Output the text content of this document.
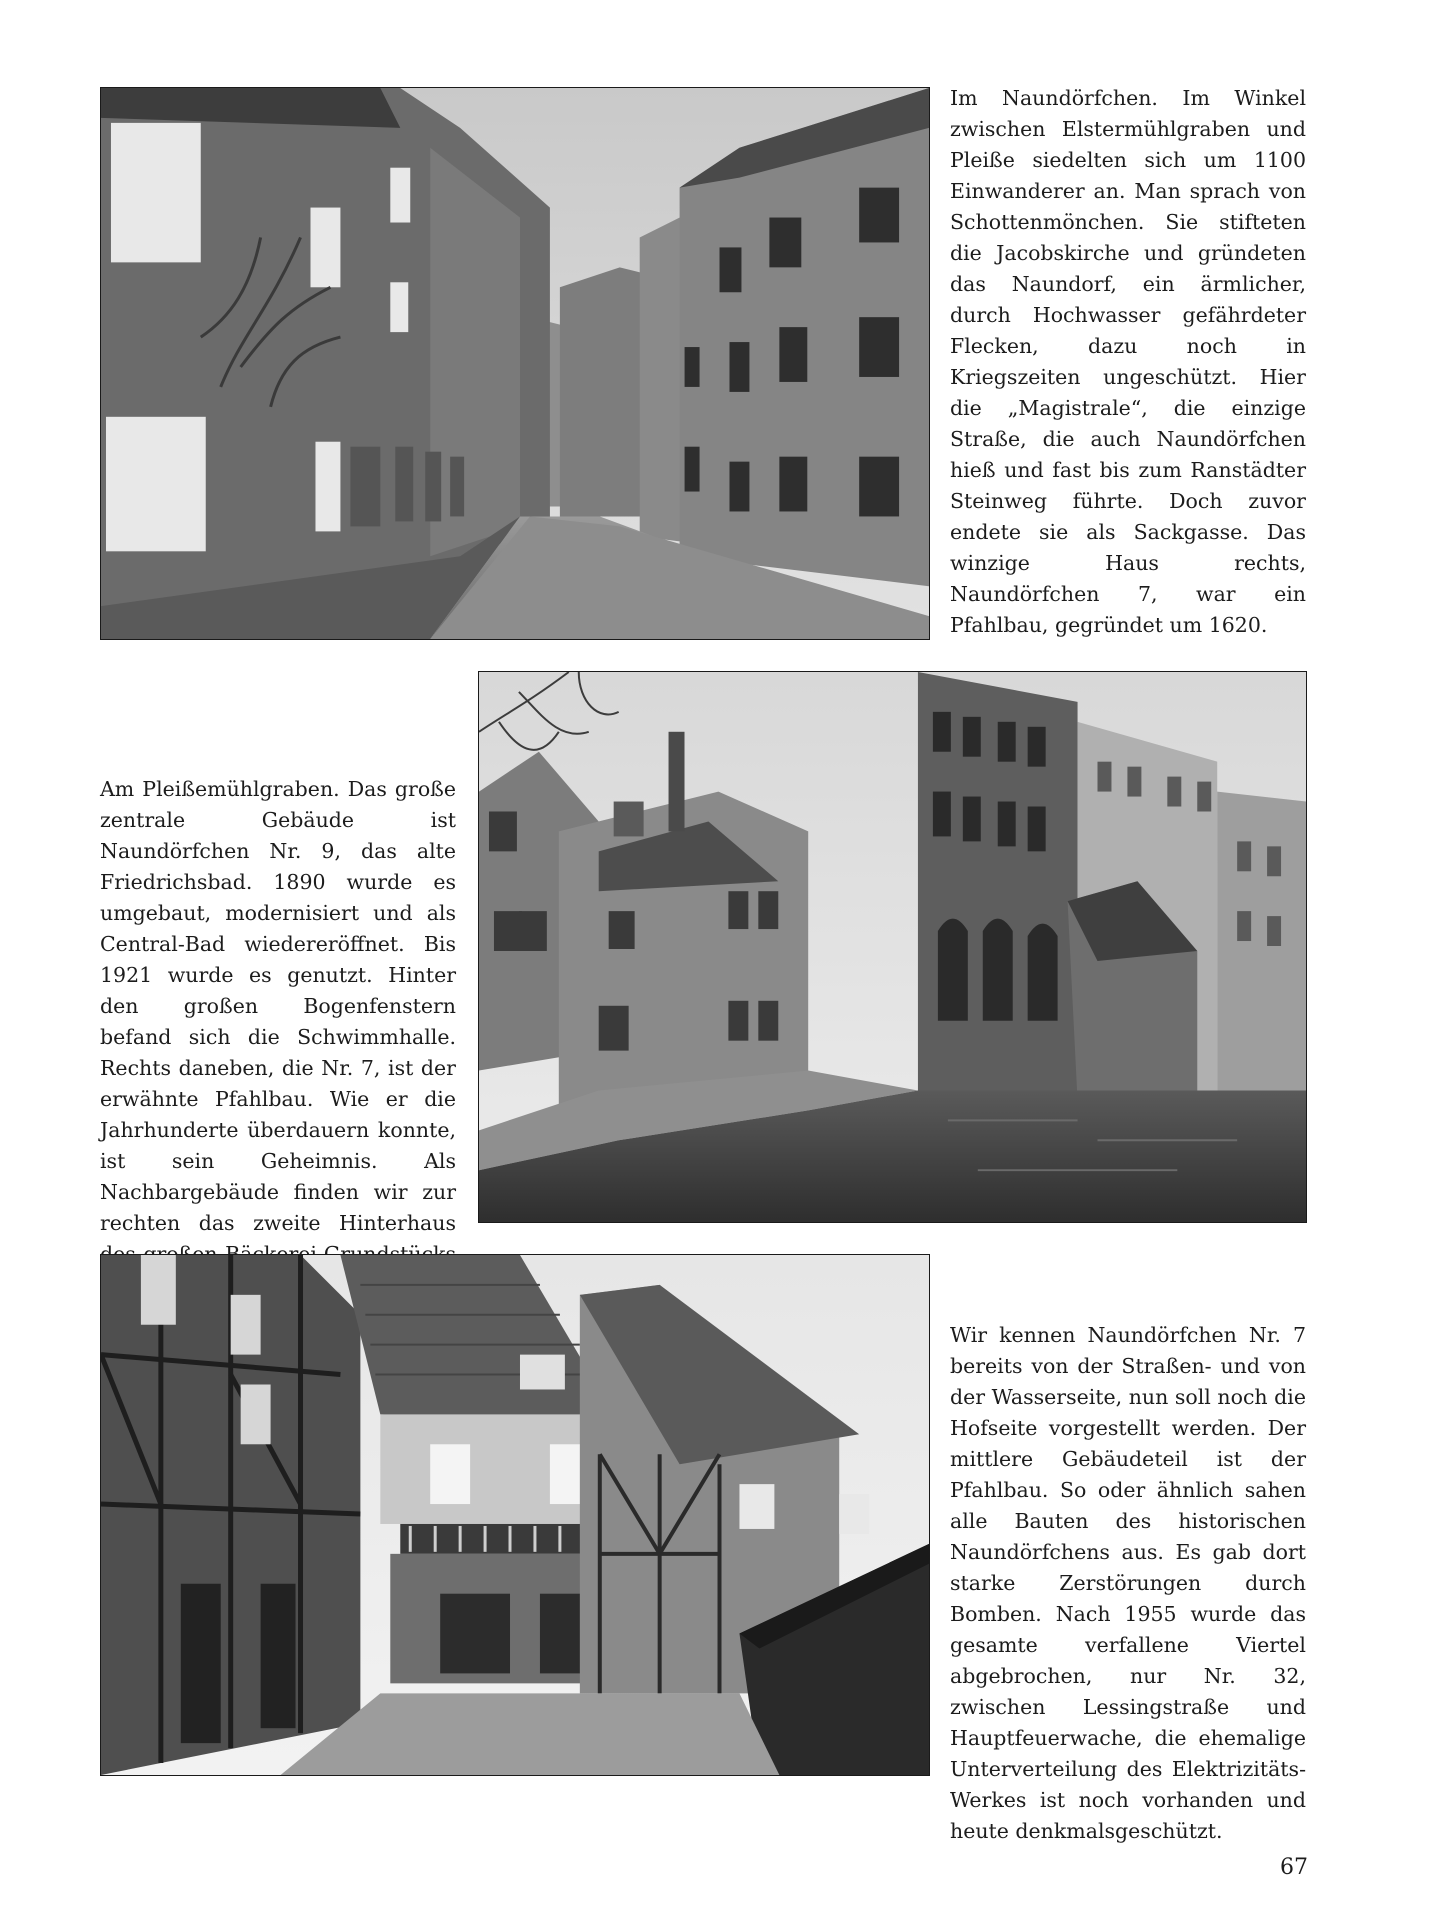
Im Naundörfchen. Im Winkel zwischen Elstermühlgraben und Pleiße siedelten sich um 1100 Einwanderer an. Man sprach von Schottenmönchen. Sie stifteten die Jacobskirche und gründeten das Naundorf, ein ärmlicher, durch Hochwasser gefährdeter Flecken, dazu noch in Kriegszeiten ungeschützt. Hier die „Magistrale“, die einzige Straße, die auch Naundörfchen hieß und fast bis zum Ranstädter Steinweg führte. Doch zuvor endete sie als Sackgasse. Das winzige Haus rechts, Naundörfchen 7, war ein Pfahlbau, gegründet um 1620.

Am Pleißemühlgraben. Das große zentrale Gebäude ist Naundörfchen Nr. 9, das alte Friedrichsbad. 1890 wurde es umgebaut, modernisiert und als Central-Bad wiedereröffnet. Bis 1921 wurde es genutzt. Hinter den großen Bogenfenstern befand sich die Schwimmhalle. Rechts daneben, die Nr. 7, ist der erwähnte Pfahlbau. Wie er die Jahrhunderte überdauern konnte, ist sein Geheimnis. Als Nachbargebäude finden wir zur rechten das zweite Hinterhaus

Wir kennen Naundörfchen Nr. 7 bereits von der Straßen- und von der Wasserseite, nun soll noch die Hofseite vorgestellt werden. Der mittlere Gebäudeteil ist der Pfahlbau. So oder ähnlich sahen alle Bauten des historischen Naundörfchens aus. Es gab dort starke Zerstörungen durch Bomben. Nach 1955 wurde das gesamte verfallene Viertel abgebrochen, nur Nr. 32, zwischen Lessingstraße und Hauptfeuerwache, die ehemalige Unterverteilung des Elektrizitäts-Werkes ist noch vorhanden und heute denkmalsgeschützt.

67
